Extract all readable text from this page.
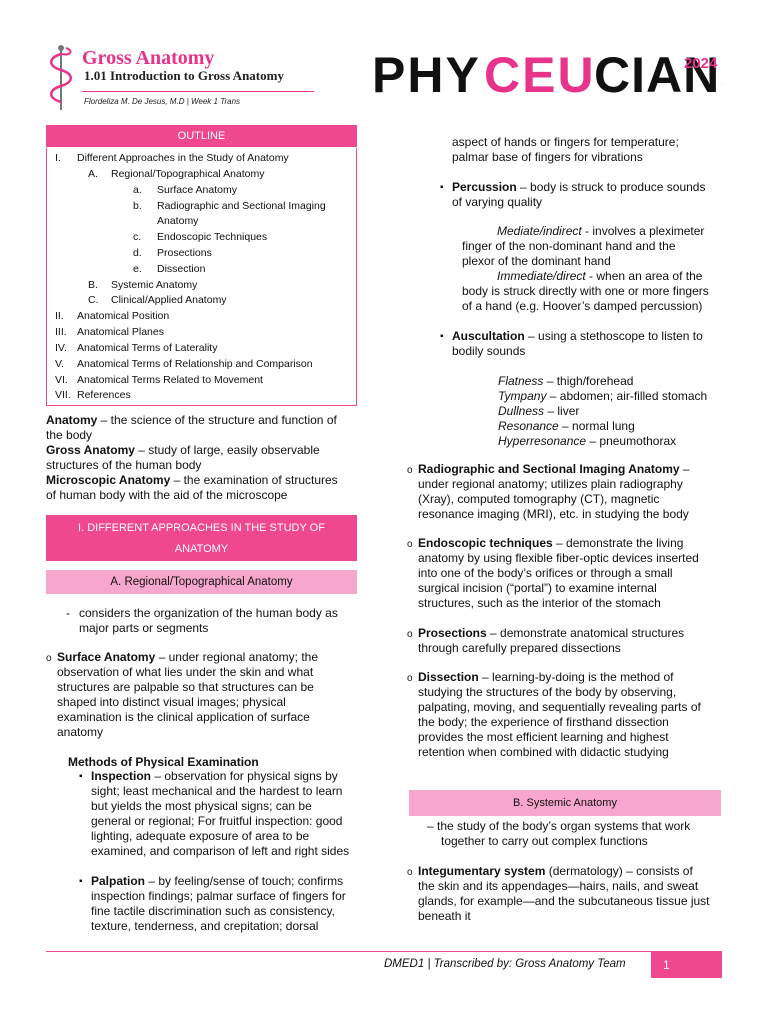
Gross Anatomy
1.01 Introduction to Gross Anatomy
Flordeliza M. De Jesus, M.D | Week 1 Trans	PHY CEU
CIAN
2024
OUTLINE
I. Different Approaches in the Study of Anatomy
A. Regional/Topographical Anatomy
a. Surface Anatomy
b. Radiographic and Sectional Imaging
Anatomy
c. Endoscopic Techniques
d. Prosections
e. Dissection
B. Systemic Anatomy
C. Clinical/Applied Anatomy
II. Anatomical Position
III. Anatomical Planes
IV. Anatomical Terms of Laterality
V. Anatomical Terms of Relationship and Comparison
VI. Anatomical Terms Related to Movement
VII. References
Anatomy – the science of the structure and function of
the body
Gross Anatomy – study of large, easily observable
structures of the human body
Microscopic Anatomy – the examination of structures
of human body with the aid of the microscope
I. DIFFERENT APPROACHES IN THE STUDY OF
ANATOMY
A. Regional/Topographical Anatomy
- considers the organization of the human body as
major parts or segments
o Surface Anatomy – under regional anatomy; the
observation of what lies under the skin and what
structures are palpable so that structures can be
shaped into distinct visual images; physical
examination is the clinical application of surface
anatomy
Methods of Physical Examination
▪ Inspection – observation for physical signs by
sight; least mechanical and the hardest to learn
but yields the most physical signs; can be
general or regional; For fruitful inspection: good
lighting, adequate exposure of area to be
examined, and comparison of left and right sides
▪ Palpation – by feeling/sense of touch; confirms
inspection findings; palmar surface of fingers for
fine tactile discrimination such as consistency,
texture, tenderness, and crepitation; dorsal
aspect of hands or fingers for temperature;
palmar base of fingers for vibrations
▪ Percussion – body is struck to produce sounds
of varying quality
Mediate/indirect - involves a pleximeter
finger of the non-dominant hand and the
plexor of the dominant hand
Immediate/direct - when an area of the
body is struck directly with one or more fingers
of a hand (e.g. Hoover’s damped percussion)
▪ Auscultation – using a stethoscope to listen to
bodily sounds
Flatness – thigh/forehead
Tympany – abdomen; air-filled stomach
Dullness – liver
Resonance – normal lung
Hyperresonance – pneumothorax
o Radiographic and Sectional Imaging Anatomy –
under regional anatomy; utilizes plain radiography
(Xray), computed tomography (CT), magnetic
resonance imaging (MRI), etc. in studying the body
o Endoscopic techniques – demonstrate the living
anatomy by using flexible fiber-optic devices inserted
into one of the body’s orifices or through a small
surgical incision (“portal”) to examine internal
structures, such as the interior of the stomach
o Prosections – demonstrate anatomical structures
through carefully prepared dissections
o Dissection – learning-by-doing is the method of
studying the structures of the body by observing,
palpating, moving, and sequentially revealing parts of
the body; the experience of firsthand dissection
provides the most efficient learning and highest
retention when combined with didactic studying
B. Systemic Anatomy
– the study of the body’s organ systems that work
together to carry out complex functions
o Integumentary system (dermatology) – consists of
the skin and its appendages—hairs, nails, and sweat
glands, for example—and the subcutaneous tissue just
beneath it
DMED1 | Transcribed by: Gross Anatomy Team	1
